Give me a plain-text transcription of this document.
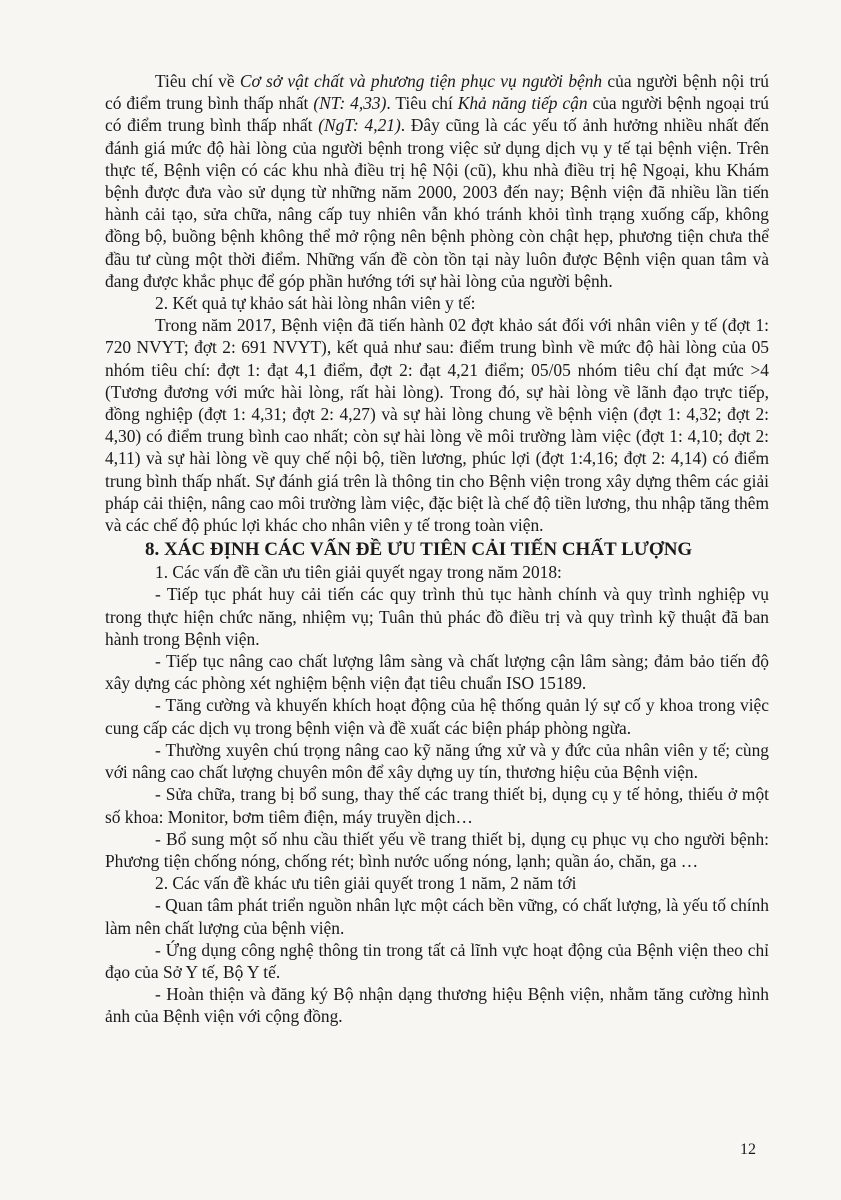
Tiêu chí về Cơ sở vật chất và phương tiện phục vụ người bệnh của người bệnh nội trú có điểm trung bình thấp nhất (NT: 4,33). Tiêu chí Khả năng tiếp cận của người bệnh ngoại trú có điểm trung bình thấp nhất (NgT: 4,21). Đây cũng là các yếu tố ảnh hưởng nhiều nhất đến đánh giá mức độ hài lòng của người bệnh trong việc sử dụng dịch vụ y tế tại bệnh viện. Trên thực tế, Bệnh viện có các khu nhà điều trị hệ Nội (cũ), khu nhà điều trị hệ Ngoại, khu Khám bệnh được đưa vào sử dụng từ những năm 2000, 2003 đến nay; Bệnh viện đã nhiều lần tiến hành cải tạo, sửa chữa, nâng cấp tuy nhiên vẫn khó tránh khỏi tình trạng xuống cấp, không đồng bộ, buồng bệnh không thể mở rộng nên bệnh phòng còn chật hẹp, phương tiện chưa thể đầu tư cùng một thời điểm. Những vấn đề còn tồn tại này luôn được Bệnh viện quan tâm và đang được khắc phục để góp phần hướng tới sự hài lòng của người bệnh.

2. Kết quả tự khảo sát hài lòng nhân viên y tế:

Trong năm 2017, Bệnh viện đã tiến hành 02 đợt khảo sát đối với nhân viên y tế (đợt 1: 720 NVYT; đợt 2: 691 NVYT), kết quả như sau: điểm trung bình về mức độ hài lòng của 05 nhóm tiêu chí: đợt 1: đạt 4,1 điểm, đợt 2: đạt 4,21 điểm; 05/05 nhóm tiêu chí đạt mức >4 (Tương đương với mức hài lòng, rất hài lòng). Trong đó, sự hài lòng về lãnh đạo trực tiếp, đồng nghiệp (đợt 1: 4,31; đợt 2: 4,27) và sự hài lòng chung về bệnh viện (đợt 1: 4,32; đợt 2: 4,30) có điểm trung bình cao nhất; còn sự hài lòng về môi trường làm việc (đợt 1: 4,10; đợt 2: 4,11) và sự hài lòng về quy chế nội bộ, tiền lương, phúc lợi (đợt 1:4,16; đợt 2: 4,14) có điểm trung bình thấp nhất. Sự đánh giá trên là thông tin cho Bệnh viện trong xây dựng thêm các giải pháp cải thiện, nâng cao môi trường làm việc, đặc biệt là chế độ tiền lương, thu nhập tăng thêm và các chế độ phúc lợi khác cho nhân viên y tế trong toàn viện.

8. XÁC ĐỊNH CÁC VẤN ĐỀ ƯU TIÊN CẢI TIẾN CHẤT LƯỢNG

1. Các vấn đề cần ưu tiên giải quyết ngay trong năm 2018:

- Tiếp tục phát huy cải tiến các quy trình thủ tục hành chính và quy trình nghiệp vụ trong thực hiện chức năng, nhiệm vụ; Tuân thủ phác đồ điều trị và quy trình kỹ thuật đã ban hành trong Bệnh viện.

- Tiếp tục nâng cao chất lượng lâm sàng và chất lượng cận lâm sàng; đảm bảo tiến độ xây dựng các phòng xét nghiệm bệnh viện đạt tiêu chuẩn ISO 15189.

- Tăng cường và khuyến khích hoạt động của hệ thống quản lý sự cố y khoa trong việc cung cấp các dịch vụ trong bệnh viện và đề xuất các biện pháp phòng ngừa.

- Thường xuyên chú trọng nâng cao kỹ năng ứng xử và y đức của nhân viên y tế; cùng với nâng cao chất lượng chuyên môn để xây dựng uy tín, thương hiệu của Bệnh viện.

- Sửa chữa, trang bị bổ sung, thay thế các trang thiết bị, dụng cụ y tế hỏng, thiếu ở một số khoa: Monitor, bơm tiêm điện, máy truyền dịch…

- Bổ sung một số nhu cầu thiết yếu về trang thiết bị, dụng cụ phục vụ cho người bệnh: Phương tiện chống nóng, chống rét; bình nước uống nóng, lạnh; quần áo, chăn, ga …

2. Các vấn đề khác ưu tiên giải quyết trong 1 năm, 2 năm tới

- Quan tâm phát triển nguồn nhân lực một cách bền vững, có chất lượng, là yếu tố chính làm nên chất lượng của bệnh viện.

- Ứng dụng công nghệ thông tin trong tất cả lĩnh vực hoạt động của Bệnh viện theo chỉ đạo của Sở Y tế, Bộ Y tế.

- Hoàn thiện và đăng ký Bộ nhận dạng thương hiệu Bệnh viện, nhằm tăng cường hình ảnh của Bệnh viện với cộng đồng.

12
